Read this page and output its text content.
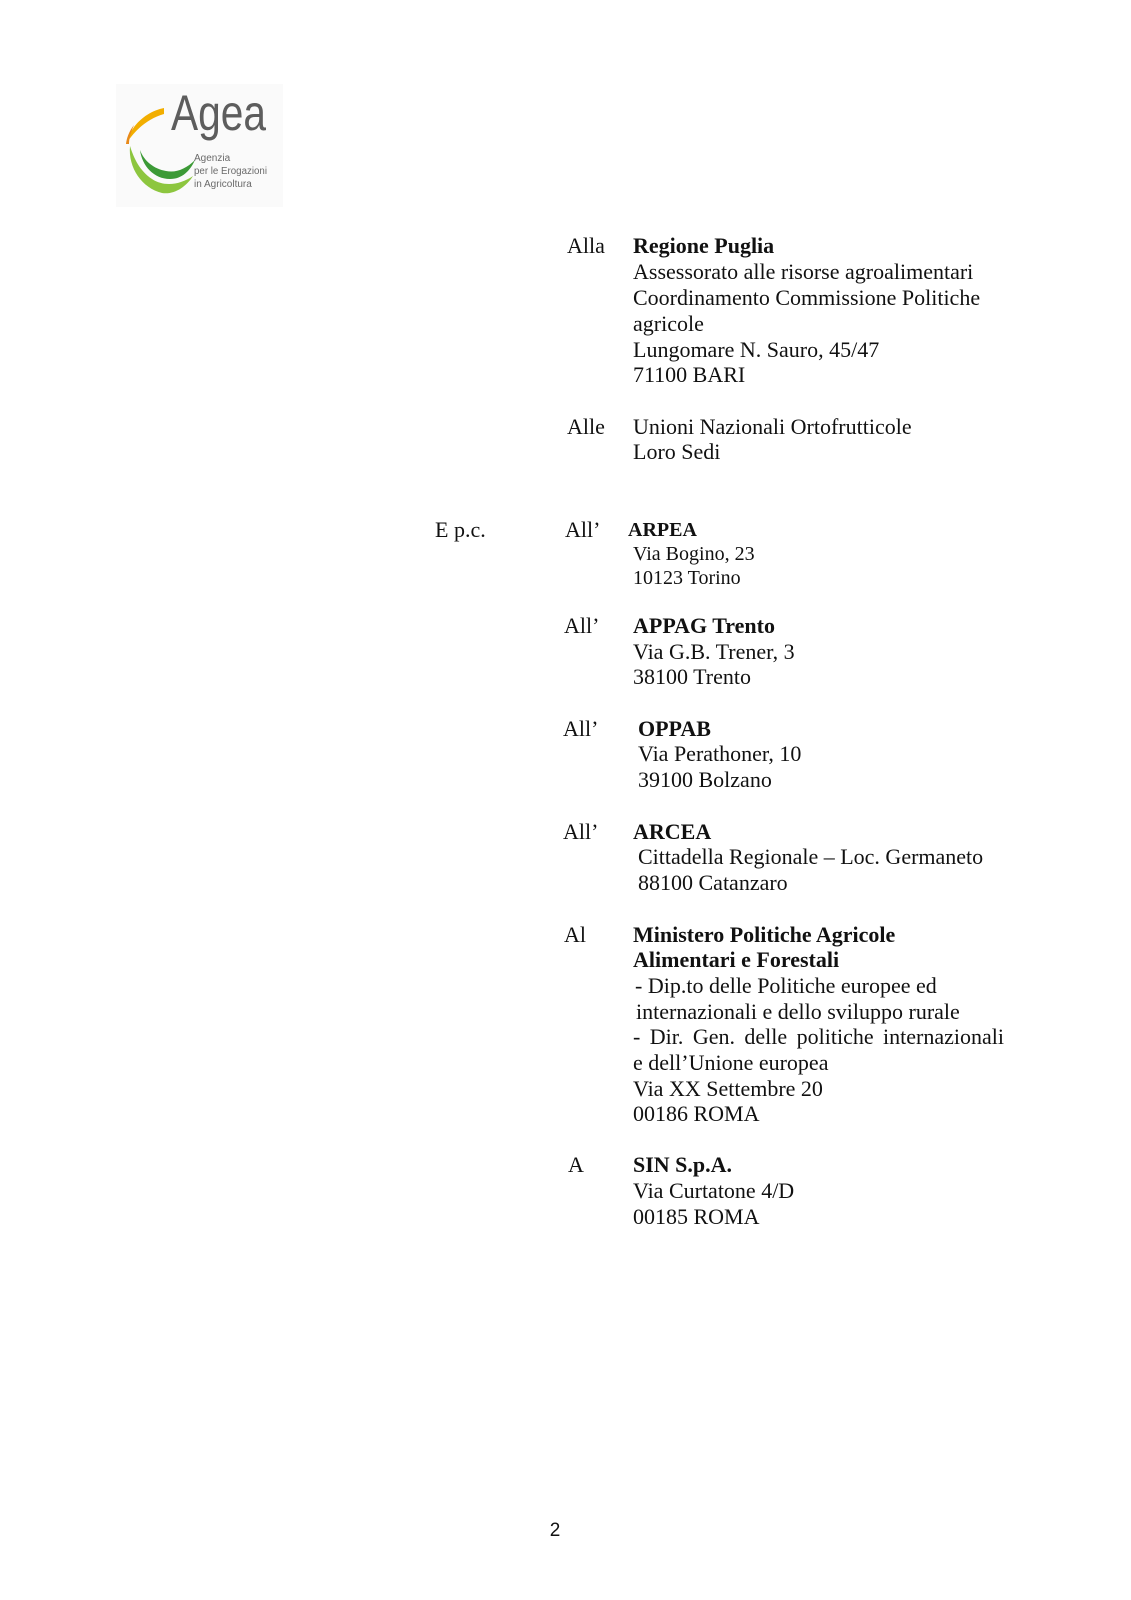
Agea
Agenzia
per le Erogazioni
in Agricoltura
Alla Regione Puglia
Assessorato alle risorse agroalimentari
Coordinamento Commissione Politiche
agricole
Lungomare N. Sauro, 45/47
71100 BARI
Alle Unioni Nazionali Ortofrutticole
Loro Sedi
E p.c.	All’ ARPEA
Via Bogino, 23
10123 Torino
All’ APPAG Trento
Via G.B. Trener, 3
38100 Trento
All’ OPPAB
Via Perathoner, 10
39100 Bolzano
All’ ARCEA
Cittadella Regionale – Loc. Germaneto
88100 Catanzaro
Al Ministero Politiche Agricole
Alimentari e Forestali
- Dip.to delle Politiche europee ed
internazionali e dello sviluppo rurale
- Dir. Gen. delle politiche internazionali
e dell’Unione europea
Via XX Settembre 20
00186 ROMA
A SIN S.p.A.
Via Curtatone 4/D
00185 ROMA
2
